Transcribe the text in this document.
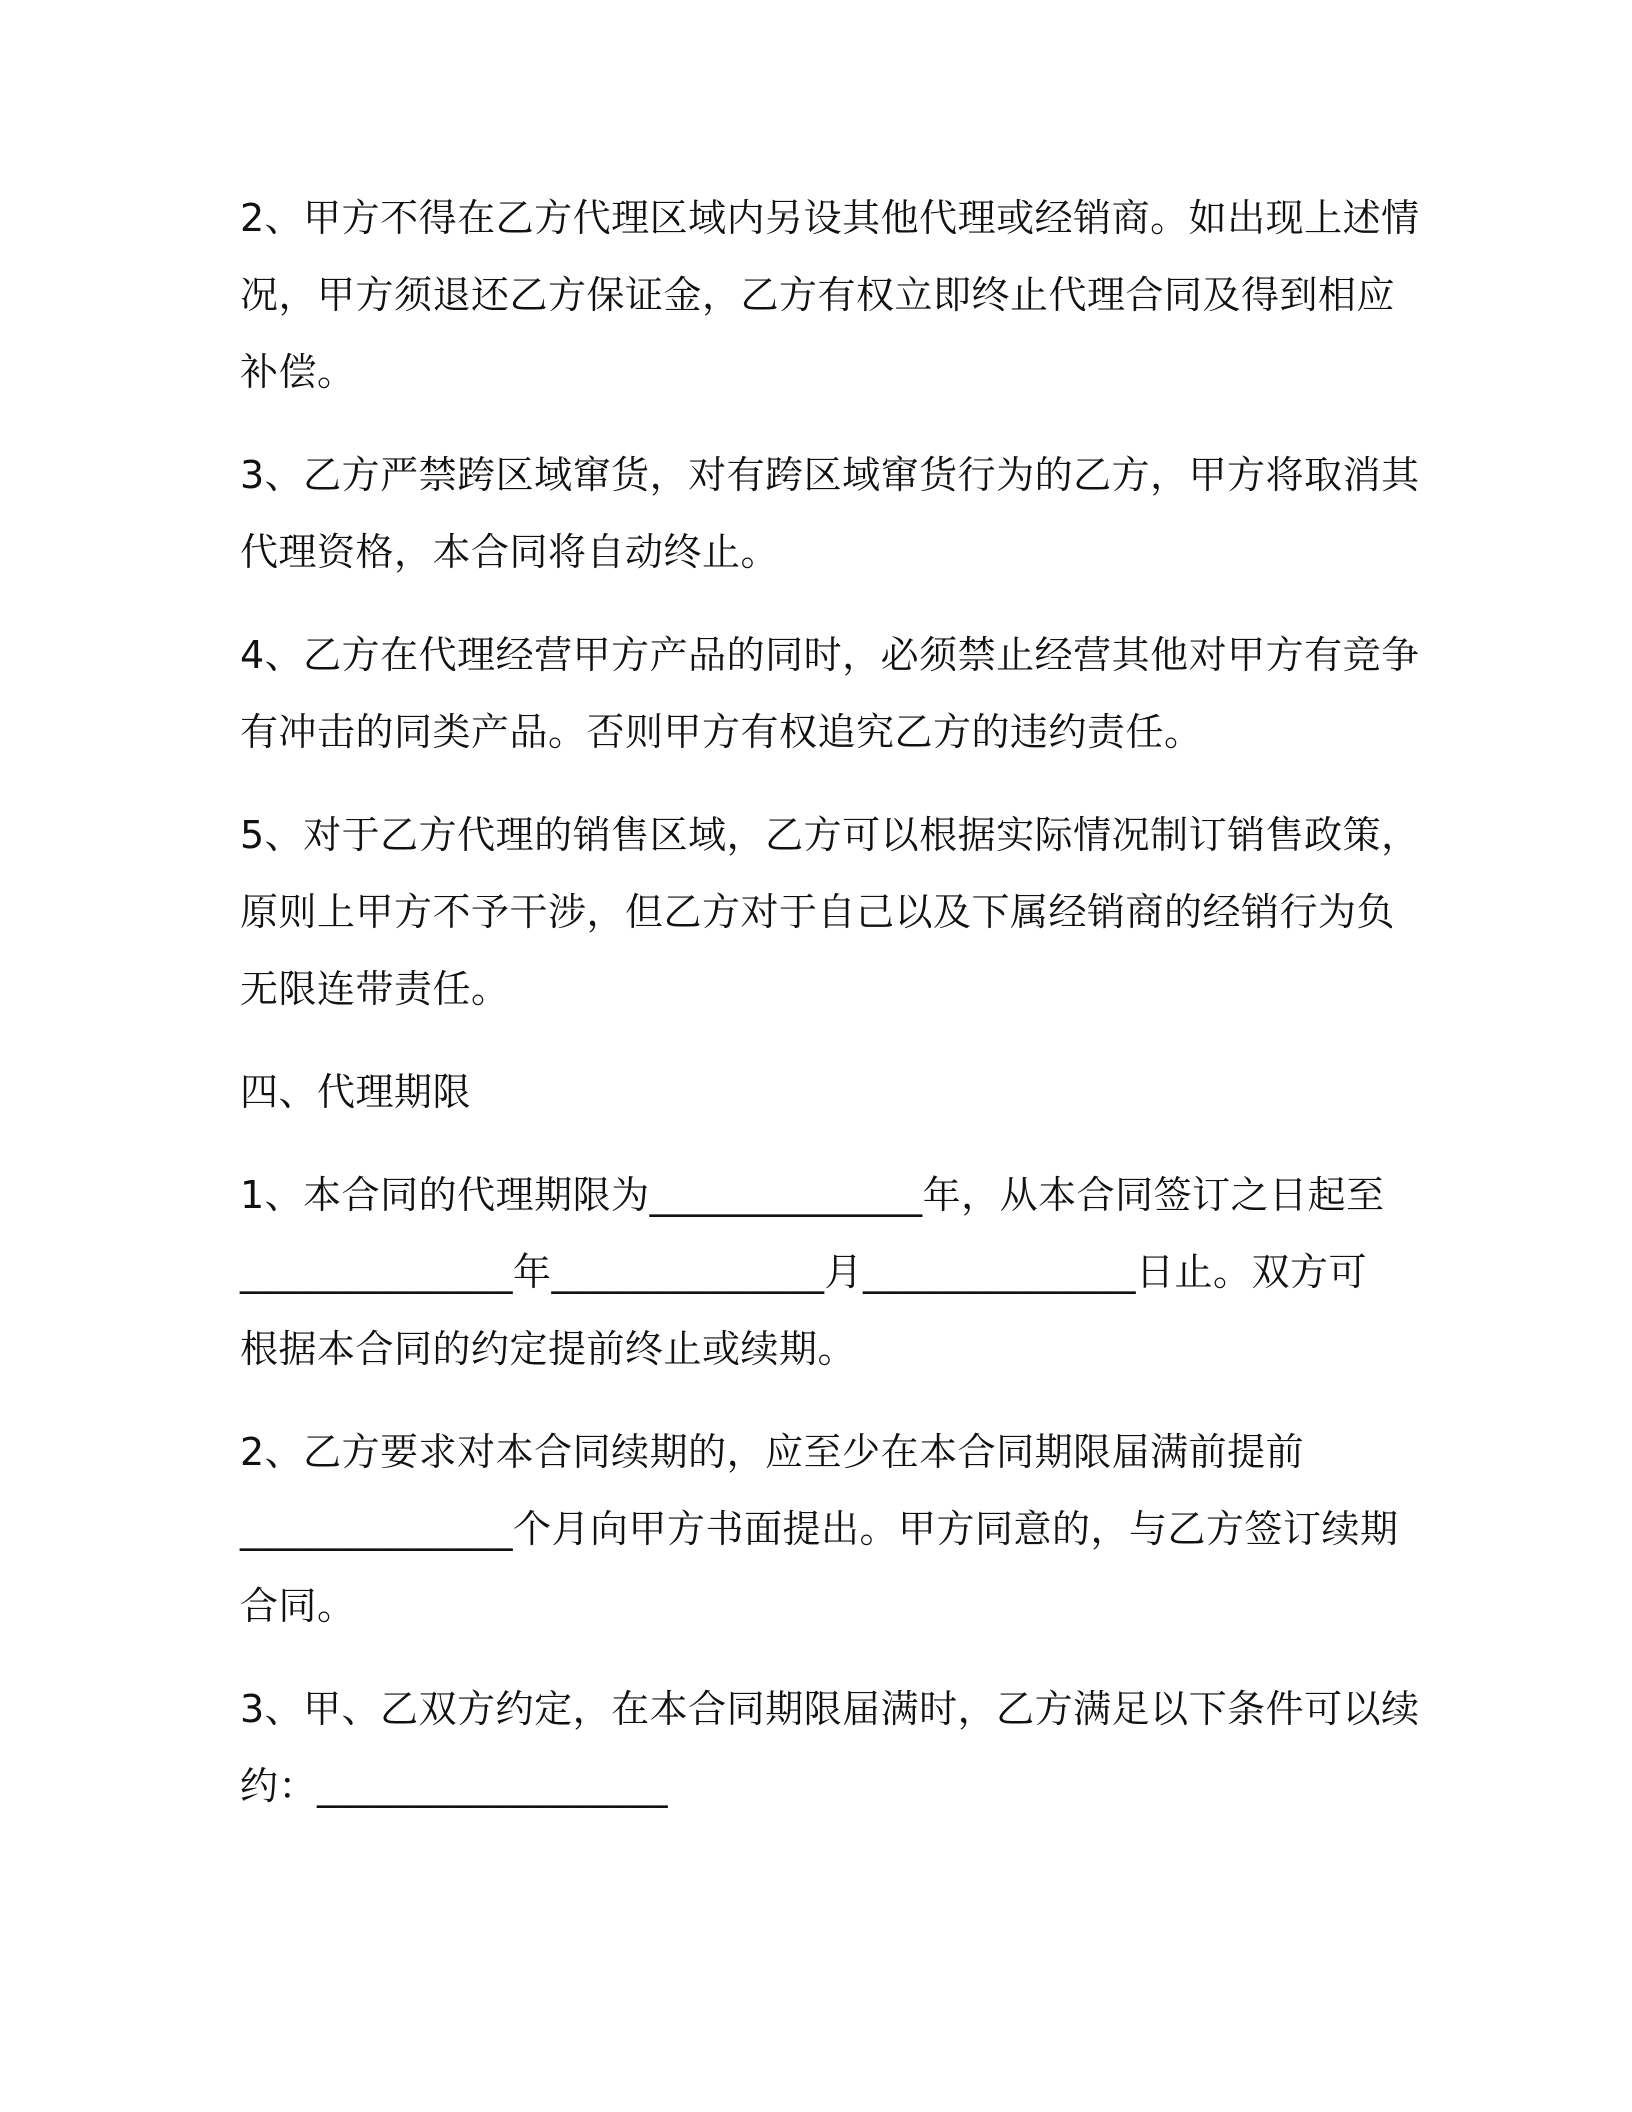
2、甲方不得在乙方代理区域内另设其他代理或经销商。如出现上述情
况，甲方须退还乙方保证金，乙方有权立即终止代理合同及得到相应
补偿。
3、乙方严禁跨区域窜货，对有跨区域窜货行为的乙方，甲方将取消其
代理资格，本合同将自动终止。
4、乙方在代理经营甲方产品的同时，必须禁止经营其他对甲方有竞争
有冲击的同类产品。否则甲方有权追究乙方的违约责任。
5、对于乙方代理的销售区域，乙方可以根据实际情况制订销售政策，
原则上甲方不予干涉，但乙方对于自己以及下属经销商的经销行为负
无限连带责任。
四、代理期限
1、本合同的代理期限为______________年，从本合同签订之日起至
______________年______________月______________日止。双方可
根据本合同的约定提前终止或续期。
2、乙方要求对本合同续期的，应至少在本合同期限届满前提前
______________个月向甲方书面提出。甲方同意的，与乙方签订续期
合同。
3、甲、乙双方约定，在本合同期限届满时，乙方满足以下条件可以续
约：__________________
